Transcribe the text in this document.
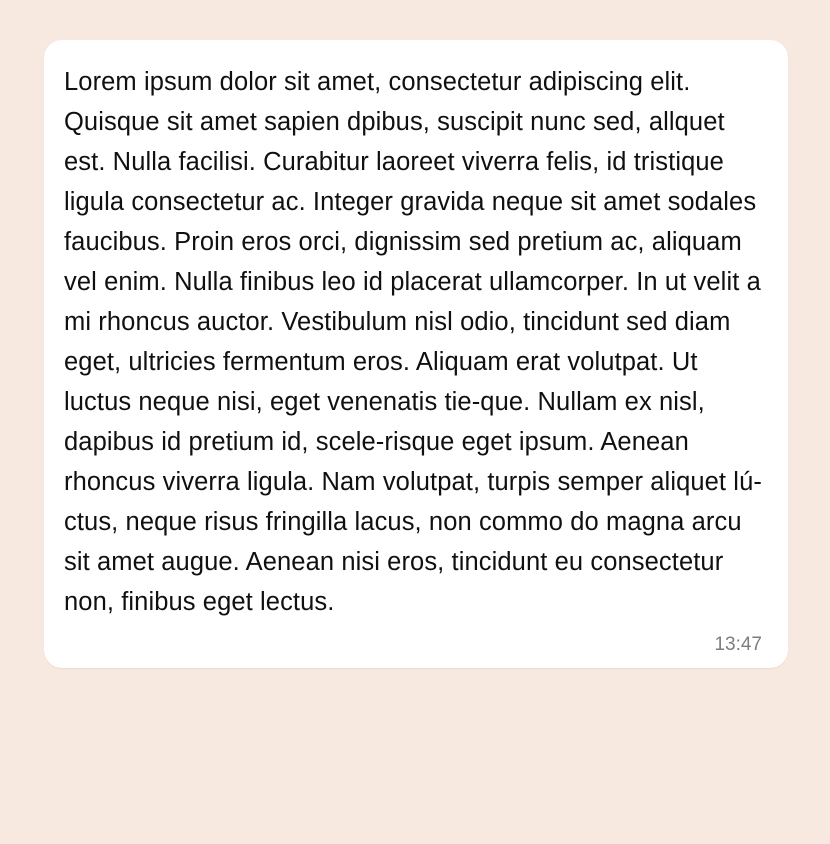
Lorem ipsum dolor sit amet, consectetur adipiscing elit. Quisque sit amet sapien dpibus, suscipit nunc sed, allquet est. Nulla facilisi. Curabitur laoreet viverra felis, id tristique ligula consectetur ac. Integer gravida neque sit amet sodales faucibus. Proin eros orci, dignissim sed pretium ac, aliquam vel enim. Nulla finibus leo id placerat ullamcorper. In ut velit a mi rhoncus auctor. Vestibulum nisl odio, tincidunt sed diam eget, ultricies fermentum eros. Aliquam erat volutpat. Ut luctus neque nisi, eget venenatis tie-que. Nullam ex nisl, dapibus id pretium id, scele-risque eget ipsum. Aenean rhoncus viverra ligula. Nam volutpat, turpis semper aliquet lú-ctus, neque risus fringilla lacus, non commo do magna arcu sit amet augue. Aenean nisi eros, tincidunt eu consectetur non, finibus eget lectus.

13:47
